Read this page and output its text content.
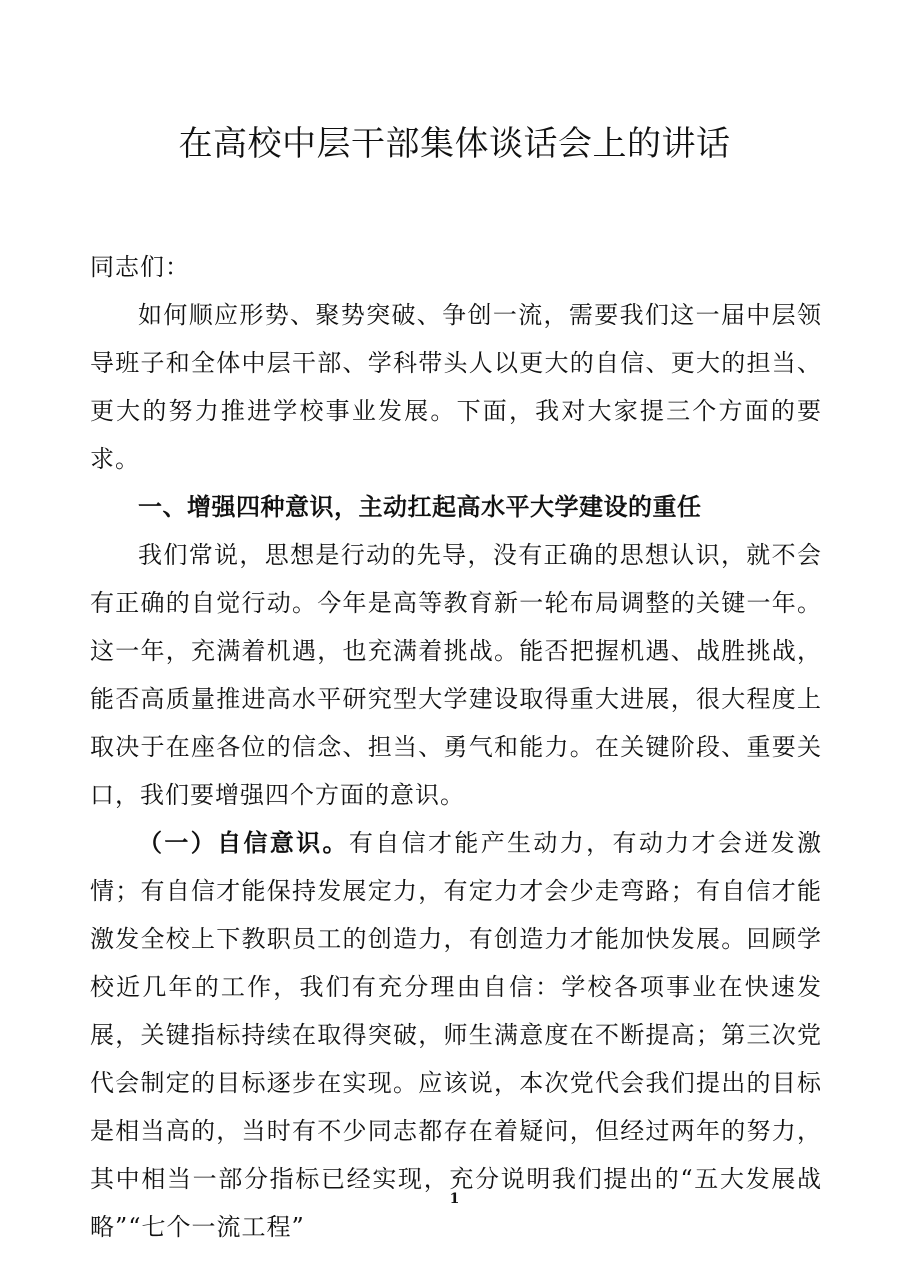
在高校中层干部集体谈话会上的讲话

同志们：

如何顺应形势、聚势突破、争创一流，需要我们这一届中层领导班子和全体中层干部、学科带头人以更大的自信、更大的担当、更大的努力推进学校事业发展。下面，我对大家提三个方面的要求。

一、增强四种意识，主动扛起高水平大学建设的重任

我们常说，思想是行动的先导，没有正确的思想认识，就不会有正确的自觉行动。今年是高等教育新一轮布局调整的关键一年。这一年，充满着机遇，也充满着挑战。能否把握机遇、战胜挑战，能否高质量推进高水平研究型大学建设取得重大进展，很大程度上取决于在座各位的信念、担当、勇气和能力。在关键阶段、重要关口，我们要增强四个方面的意识。

（一）自信意识。有自信才能产生动力，有动力才会迸发激情；有自信才能保持发展定力，有定力才会少走弯路；有自信才能激发全校上下教职员工的创造力，有创造力才能加快发展。回顾学校近几年的工作，我们有充分理由自信：学校各项事业在快速发展，关键指标持续在取得突破，师生满意度在不断提高；第三次党代会制定的目标逐步在实现。应该说，本次党代会我们提出的目标是相当高的，当时有不少同志都存在着疑问，但经过两年的努力，其中相当一部分指标已经实现，充分说明我们提出的“五大发展战略”“七个一流工程”

1
